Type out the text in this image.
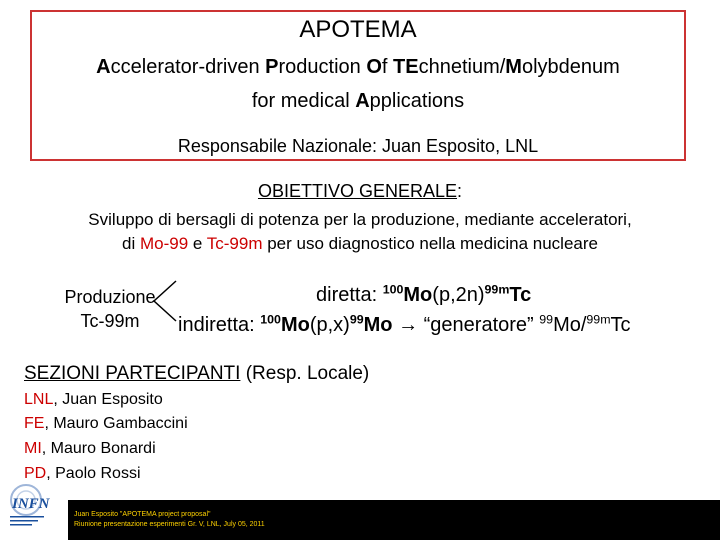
APOTEMA
Accelerator-driven Production Of TEchnetium/Molybdenum
for medical Applications
Responsabile Nazionale: Juan Esposito, LNL
OBIETTIVO GENERALE:
Sviluppo di bersagli di potenza per la produzione, mediante acceleratori,
di Mo-99 e Tc-99m per uso diagnostico nella medicina nucleare
Produzione
Tc-99m
diretta: $^{100}Mo(p,2n)^{99m}Tc$
indiretta: $^{100}Mo(p,x)^{99}Mo$ → “generatore” $^{99}$Mo/$^{99m}$Tc
SEZIONI PARTECIPANTI (Resp. Locale)
LNL, Juan Esposito
FE, Mauro Gambaccini
MI, Mauro Bonardi
PD, Paolo Rossi
Juan Esposito "APOTEMA project proposal"
Riunione presentazione esperimenti Gr. V, LNL, July 05, 2011
INFN
